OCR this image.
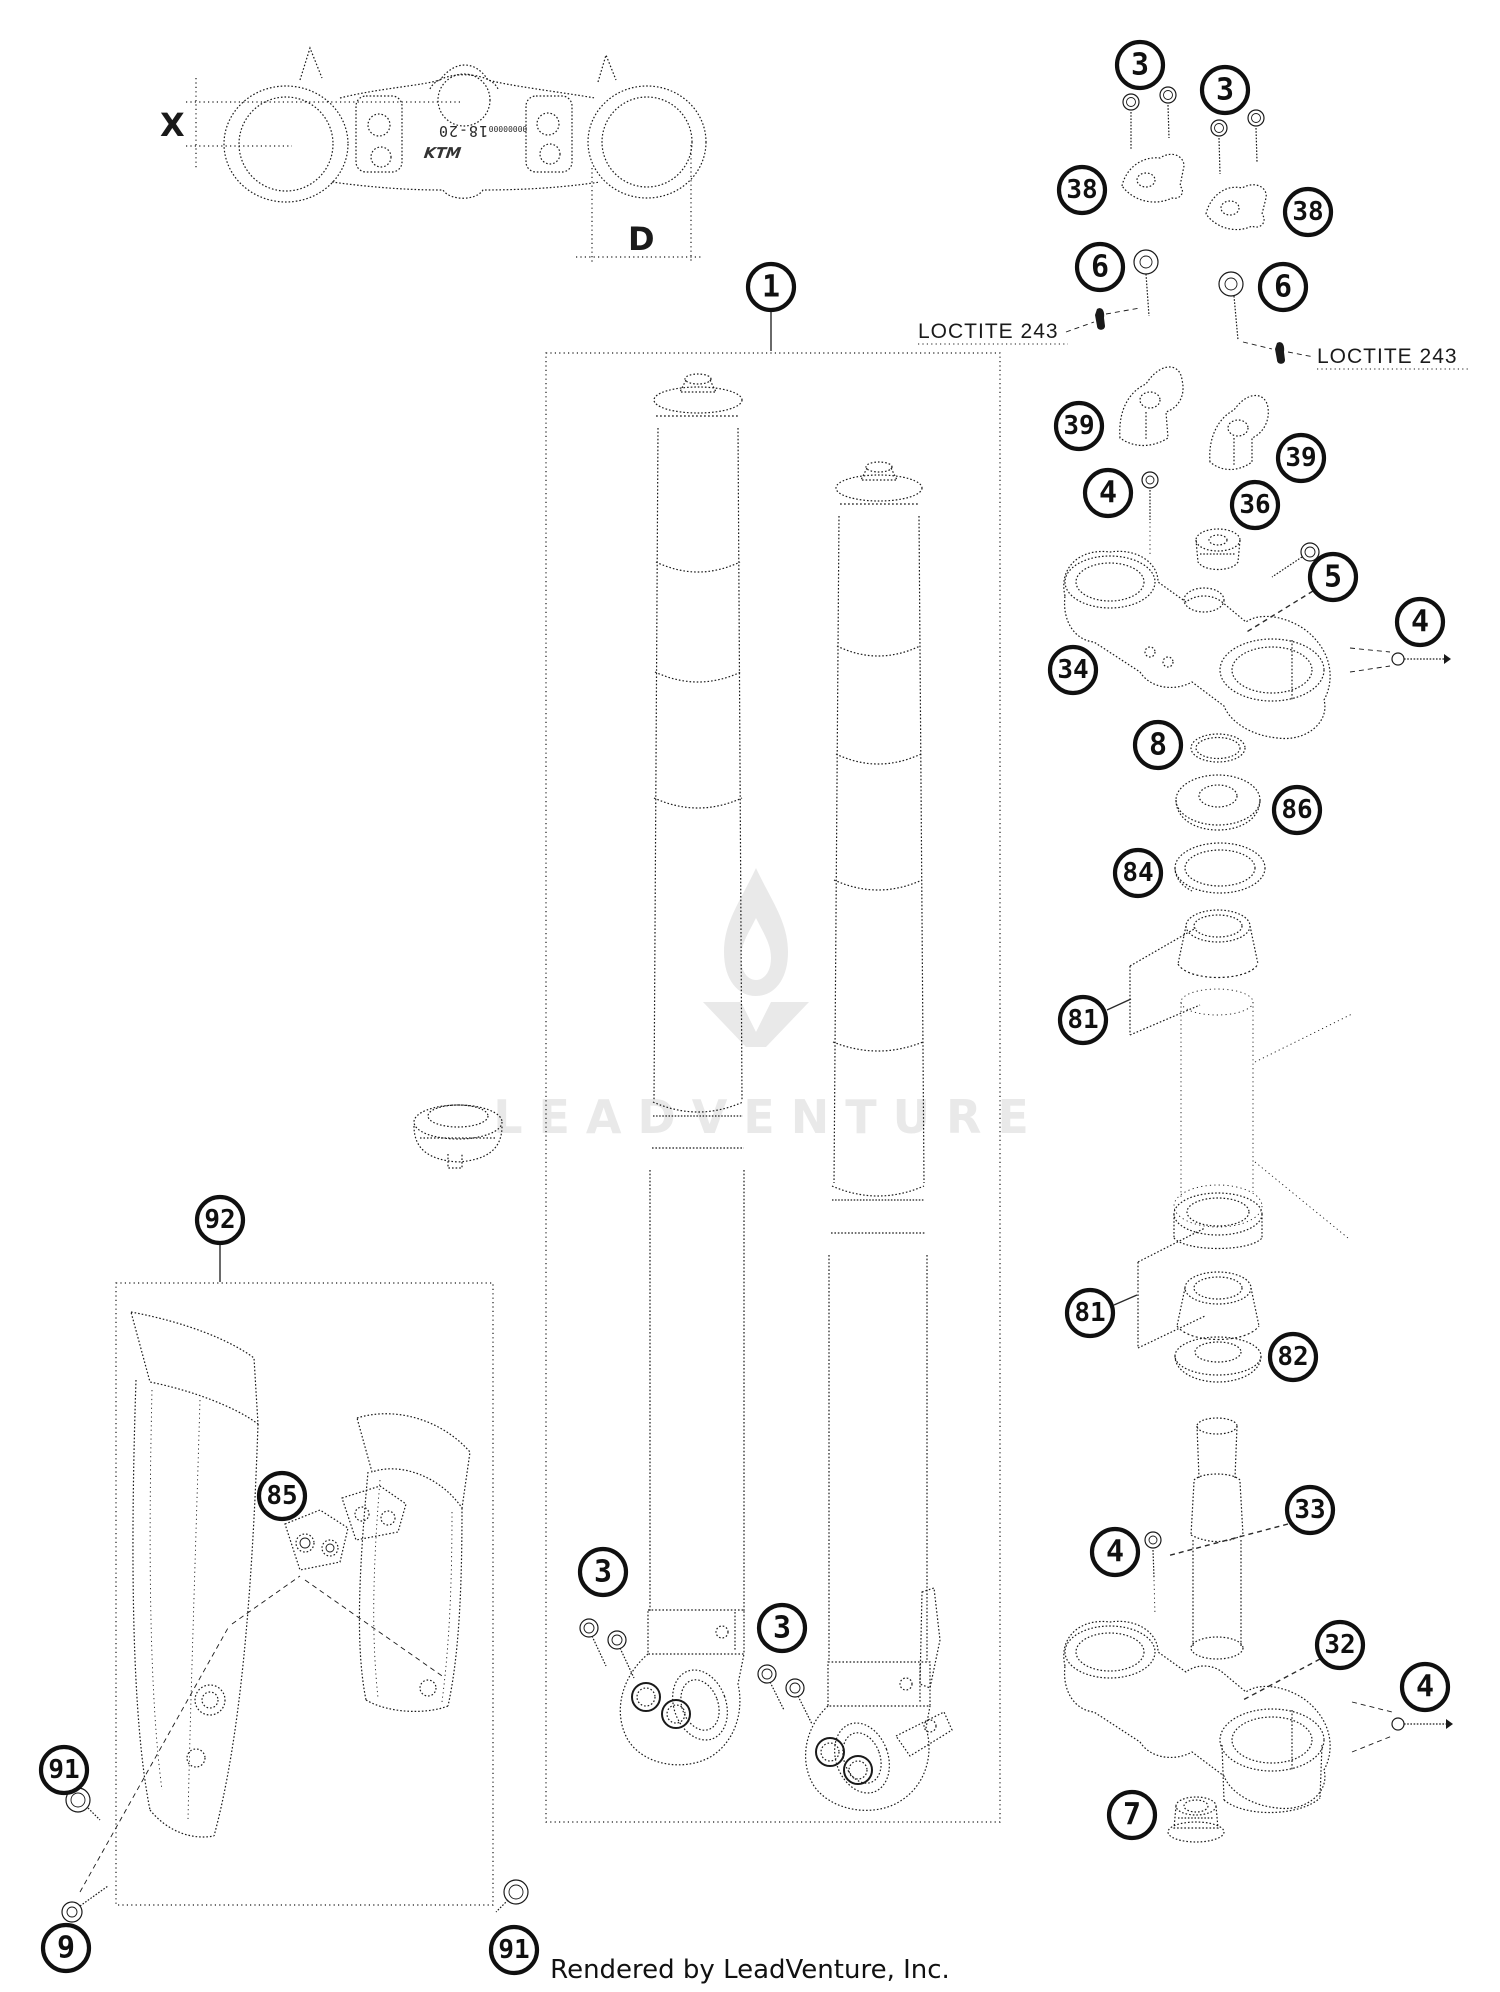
LEADVENTURE
18-20 00000000
KTM
X
D
LOCTITE 243
LOCTITE 243
Rendered by LeadVenture, Inc.
1
3
3
38
38
6
6
39
39
4	36
5
4
34
8
86
84
81
81
82
33
4
32
4
7
92
85
3
3
91
9	91
